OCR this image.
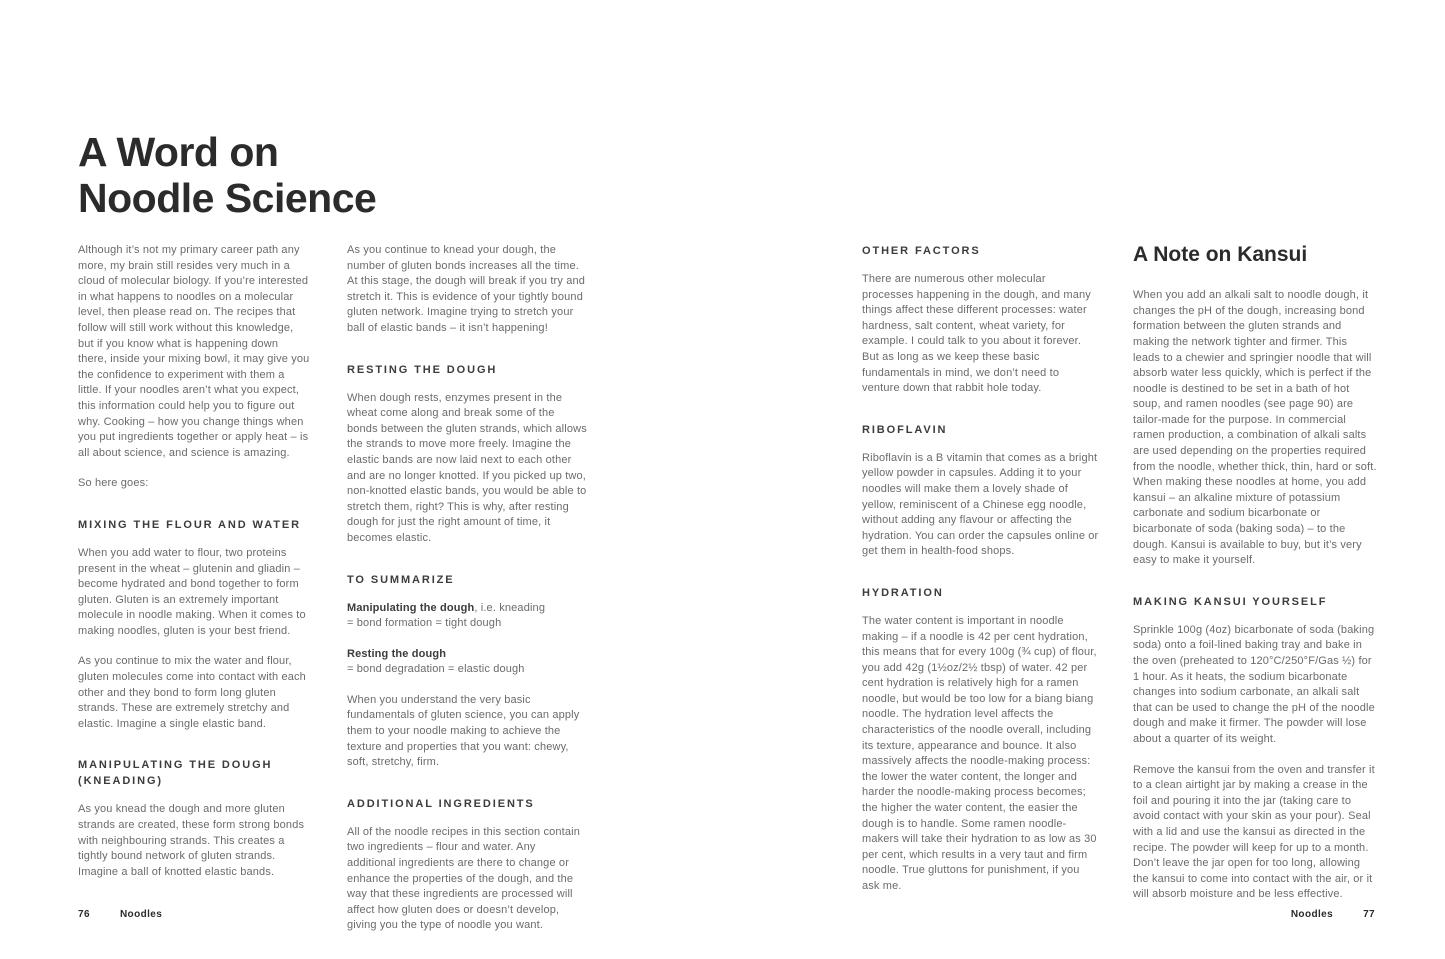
A Word on
Noodle Science

Although it’s not my primary career path any more, my brain still resides very much in a cloud of molecular biology. If you’re interested in what happens to noodles on a molecular level, then please read on. The recipes that follow will still work without this knowledge, but if you know what is happening down there, inside your mixing bowl, it may give you the confidence to experiment with them a little. If your noodles aren’t what you expect, this information could help you to figure out why. Cooking – how you change things when you put ingredients together or apply heat – is all about science, and science is amazing.

So here goes:

MIXING THE FLOUR AND WATER

When you add water to flour, two proteins present in the wheat – glutenin and gliadin – become hydrated and bond together to form gluten. Gluten is an extremely important molecule in noodle making. When it comes to making noodles, gluten is your best friend.

As you continue to mix the water and flour, gluten molecules come into contact with each other and they bond to form long gluten strands. These are extremely stretchy and elastic. Imagine a single elastic band.

MANIPULATING THE DOUGH (KNEADING)

As you knead the dough and more gluten strands are created, these form strong bonds with neighbouring strands. This creates a tightly bound network of gluten strands. Imagine a ball of knotted elastic bands.

As you continue to knead your dough, the number of gluten bonds increases all the time. At this stage, the dough will break if you try and stretch it. This is evidence of your tightly bound gluten network. Imagine trying to stretch your ball of elastic bands – it isn’t happening!

RESTING THE DOUGH

When dough rests, enzymes present in the wheat come along and break some of the bonds between the gluten strands, which allows the strands to move more freely. Imagine the elastic bands are now laid next to each other and are no longer knotted. If you picked up two, non-knotted elastic bands, you would be able to stretch them, right? This is why, after resting dough for just the right amount of time, it becomes elastic.

TO SUMMARIZE

Manipulating the dough, i.e. kneading
= bond formation = tight dough

Resting the dough
= bond degradation = elastic dough

When you understand the very basic fundamentals of gluten science, you can apply them to your noodle making to achieve the texture and properties that you want: chewy, soft, stretchy, firm.

ADDITIONAL INGREDIENTS

All of the noodle recipes in this section contain two ingredients – flour and water. Any additional ingredients are there to change or enhance the properties of the dough, and the way that these ingredients are processed will affect how gluten does or doesn’t develop, giving you the type of noodle you want.

OTHER FACTORS

There are numerous other molecular processes happening in the dough, and many things affect these different processes: water hardness, salt content, wheat variety, for example. I could talk to you about it forever. But as long as we keep these basic fundamentals in mind, we don’t need to venture down that rabbit hole today.

RIBOFLAVIN

Riboflavin is a B vitamin that comes as a bright yellow powder in capsules. Adding it to your noodles will make them a lovely shade of yellow, reminiscent of a Chinese egg noodle, without adding any flavour or affecting the hydration. You can order the capsules online or get them in health-food shops.

HYDRATION

The water content is important in noodle making – if a noodle is 42 per cent hydration, this means that for every 100g (¾ cup) of flour, you add 42g (1½oz/2½ tbsp) of water. 42 per cent hydration is relatively high for a ramen noodle, but would be too low for a biang biang noodle. The hydration level affects the characteristics of the noodle overall, including its texture, appearance and bounce. It also massively affects the noodle-making process: the lower the water content, the longer and harder the noodle-making process becomes; the higher the water content, the easier the dough is to handle. Some ramen noodle-makers will take their hydration to as low as 30 per cent, which results in a very taut and firm noodle. True gluttons for punishment, if you ask me.

A Note on Kansui

When you add an alkali salt to noodle dough, it changes the pH of the dough, increasing bond formation between the gluten strands and making the network tighter and firmer. This leads to a chewier and springier noodle that will absorb water less quickly, which is perfect if the noodle is destined to be set in a bath of hot soup, and ramen noodles (see page 90) are tailor-made for the purpose. In commercial ramen production, a combination of alkali salts are used depending on the properties required from the noodle, whether thick, thin, hard or soft. When making these noodles at home, you add kansui – an alkaline mixture of potassium carbonate and sodium bicarbonate or bicarbonate of soda (baking soda) – to the dough. Kansui is available to buy, but it’s very easy to make it yourself.

MAKING KANSUI YOURSELF

Sprinkle 100g (4oz) bicarbonate of soda (baking soda) onto a foil-lined baking tray and bake in the oven (preheated to 120°C/250°F/Gas ½) for 1 hour. As it heats, the sodium bicarbonate changes into sodium carbonate, an alkali salt that can be used to change the pH of the noodle dough and make it firmer. The powder will lose about a quarter of its weight.

Remove the kansui from the oven and transfer it to a clean airtight jar by making a crease in the foil and pouring it into the jar (taking care to avoid contact with your skin as your pour). Seal with a lid and use the kansui as directed in the recipe. The powder will keep for up to a month. Don’t leave the jar open for too long, allowing the kansui to come into contact with the air, or it will absorb moisture and be less effective.

76	Noodles	Noodles	77
